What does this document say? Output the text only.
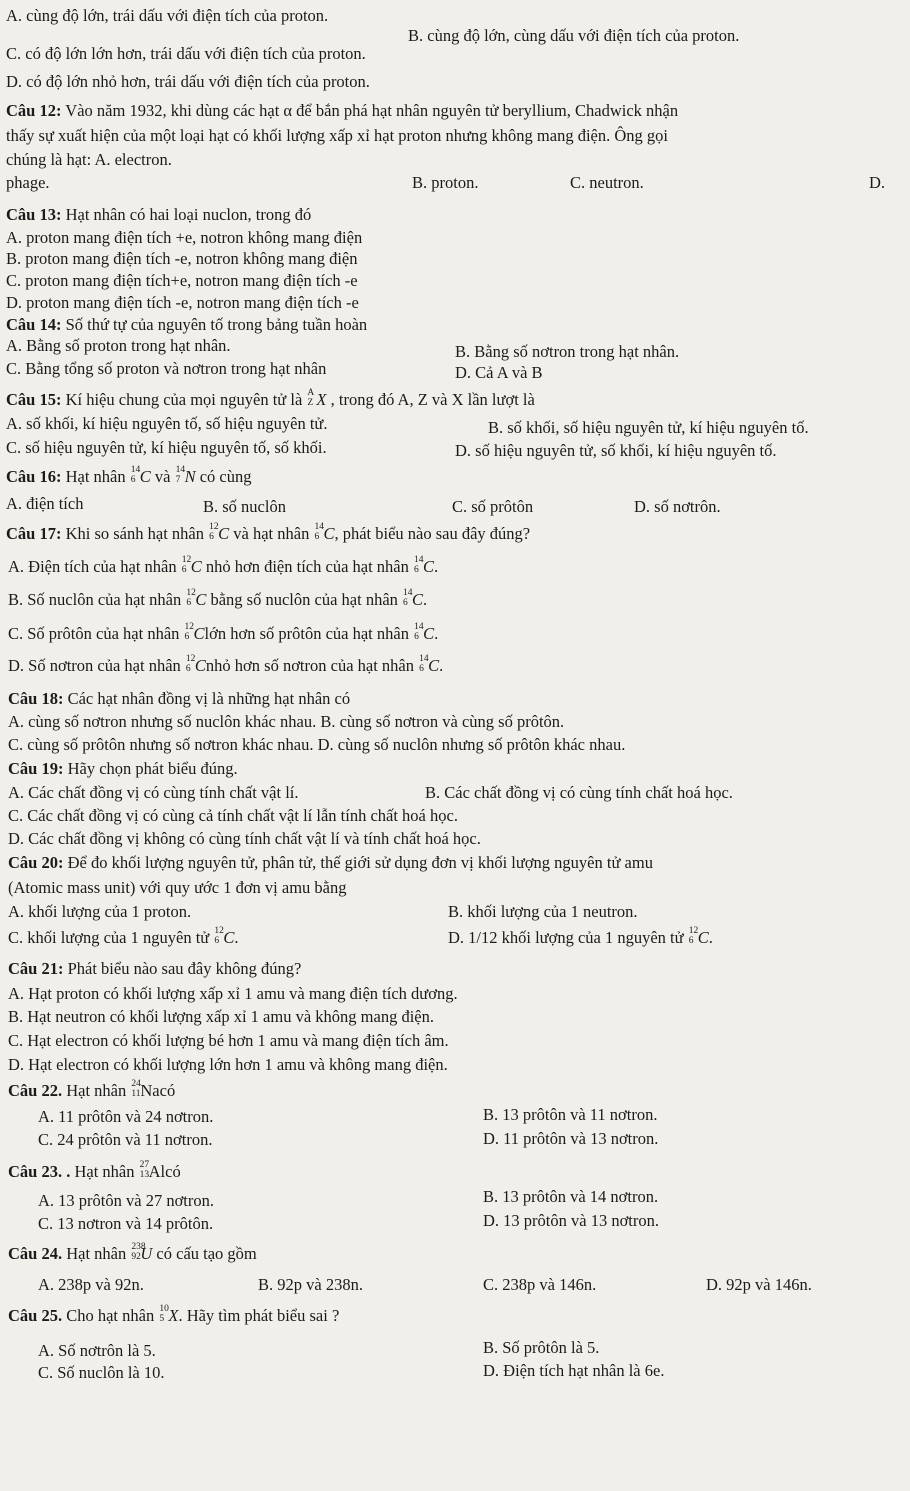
A. cùng độ lớn, trái dấu với điện tích của proton.
B. cùng độ lớn, cùng dấu với điện tích của proton.
C. có độ lớn lớn hơn, trái dấu với điện tích của proton.
D. có độ lớn nhỏ hơn, trái dấu với điện tích của proton.
Câu 12: Vào năm 1932, khi dùng các hạt α để bắn phá hạt nhân nguyên tử beryllium, Chadwick nhận
thấy sự xuất hiện của một loại hạt có khối lượng xấp xỉ hạt proton nhưng không mang điện. Ông gọi
chúng là hạt: A. electron.
phage.	B. proton.	C. neutron.	D.
Câu 13: Hạt nhân có hai loại nuclon, trong đó
A. proton mang điện tích +e, notron không mang điện
B. proton mang điện tích -e, notron không mang điện
C. proton mang điện tích+e, notron mang điện tích -e
D. proton mang điện tích -e, notron mang điện tích -e
Câu 14: Số thứ tự của nguyên tố trong bảng tuần hoàn
A. Bằng số proton trong hạt nhân.	B. Bằng số nơtron trong hạt nhân.
C. Bằng tổng số proton và nơtron trong hạt nhân	D. Cả A và B
Câu 15: Kí hiệu chung của mọi nguyên tử là A
Z X , trong đó A, Z và X lần lượt là
A. số khối, kí hiệu nguyên tố, số hiệu nguyên tử.	B. số khối, số hiệu nguyên tử, kí hiệu nguyên tố.
C. số hiệu nguyên tử, kí hiệu nguyên tố, số khối.	D. số hiệu nguyên tử, số khối, kí hiệu nguyên tố.
Câu 16: Hạt nhân 14
6 C và 14
7 N có cùng
A. điện tích	B. số nuclôn	C. số prôtôn	D. số nơtrôn.
Câu 17: Khi so sánh hạt nhân 12
6 C và hạt nhân 14
6 C, phát biểu nào sau đây đúng?
A. Điện tích của hạt nhân 12
6 C nhỏ hơn điện tích của hạt nhân 14
6 C.
B. Số nuclôn của hạt nhân 12
6 C bằng số nuclôn của hạt nhân 14
6 C.
C. Số prôtôn của hạt nhân 12
6 Clớn hơn số prôtôn của hạt nhân 14
6 C.
D. Số nơtron của hạt nhân 12
6 Cnhỏ hơn số nơtron của hạt nhân 14
6 C.
Câu 18: Các hạt nhân đồng vị là những hạt nhân có
A. cùng số nơtron nhưng số nuclôn khác nhau. B. cùng số nơtron và cùng số prôtôn.
C. cùng số prôtôn nhưng số nơtron khác nhau. D. cùng số nuclôn nhưng số prôtôn khác nhau.
Câu 19: Hãy chọn phát biểu đúng.
A. Các chất đồng vị có cùng tính chất vật lí.	B. Các chất đồng vị có cùng tính chất hoá học.
C. Các chất đồng vị có cùng cả tính chất vật lí lẫn tính chất hoá học.
D. Các chất đồng vị không có cùng tính chất vật lí và tính chất hoá học.
Câu 20: Để đo khối lượng nguyên tử, phân tử, thế giới sử dụng đơn vị khối lượng nguyên tử amu
(Atomic mass unit) với quy ước 1 đơn vị amu bằng
A. khối lượng của 1 proton.	B. khối lượng của 1 neutron.
C. khối lượng của 1 nguyên tử 12
6 C.	D. 1/12 khối lượng của 1 nguyên tử 12
6 C.
Câu 21: Phát biểu nào sau đây không đúng?
A. Hạt proton có khối lượng xấp xỉ 1 amu và mang điện tích dương.
B. Hạt neutron có khối lượng xấp xỉ 1 amu và không mang điện.
C. Hạt electron có khối lượng bé hơn 1 amu và mang điện tích âm.
D. Hạt electron có khối lượng lớn hơn 1 amu và không mang điện.
Câu 22. Hạt nhân 24
11 Nacó
A. 11 prôtôn và 24 nơtron.	B. 13 prôtôn và 11 nơtron.
C. 24 prôtôn và 11 nơtron.	D. 11 prôtôn và 13 nơtron.
Câu 23. . Hạt nhân 27
13 Alcó
A. 13 prôtôn và 27 nơtron.	B. 13 prôtôn và 14 nơtron.
C. 13 nơtron và 14 prôtôn.	D. 13 prôtôn và 13 nơtron.
Câu 24. Hạt nhân 238
92 U có cấu tạo gồm
A. 238p và 92n.	B. 92p và 238n.	C. 238p và 146n.	D. 92p và 146n.
Câu 25. Cho hạt nhân 10
5 X. Hãy tìm phát biểu sai ?
A. Số nơtrôn là 5.	B. Số prôtôn là 5.
C. Số nuclôn là 10.	D. Điện tích hạt nhân là 6e.
